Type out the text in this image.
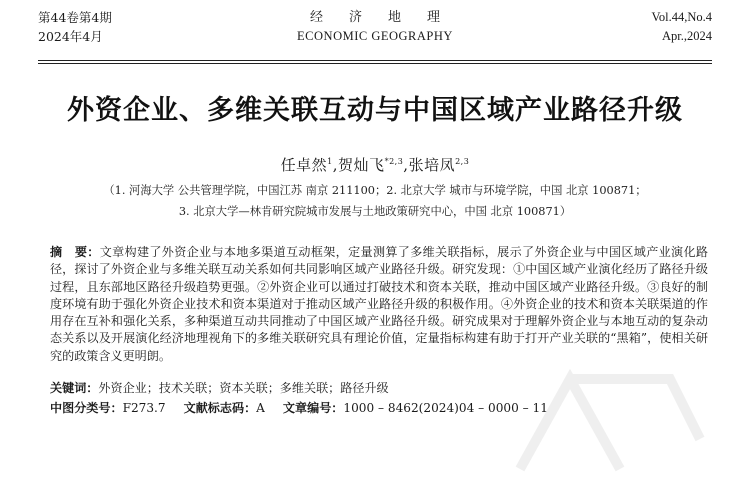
第44卷第4期
2024年4月
经济地理
ECONOMIC GEOGRAPHY
Vol.44,No.4
Apr.,2024
外资企业、多维关联互动与中国区域产业路径升级
任卓然$^1$,贺灿飞$^{*2,3}$,张培凤$^{2,3}$
（1. 河海大学 公共管理学院，中国江苏 南京 211100；2. 北京大学 城市与环境学院，中国 北京 100871；
3. 北京大学—林肯研究院城市发展与土地政策研究中心，中国 北京 100871）
摘　要：文章构建了外资企业与本地多渠道互动框架，定量测算了多维关联指标，展示了外资企业与中国区域产业演化路径，探讨了外资企业与多维关联互动关系如何共同影响区域产业路径升级。研究发现：①中国区域产业演化经历了路径升级过程，且东部地区路径升级趋势更强。②外资企业可以通过打破技术和资本关联，推动中国区域产业路径升级。③良好的制度环境有助于强化外资企业技术和资本渠道对于推动区域产业路径升级的积极作用。④外资企业的技术和资本关联渠道的作用存在互补和强化关系，多种渠道互动共同推动了中国区域产业路径升级。研究成果对于理解外资企业与本地互动的复杂动态关系以及开展演化经济地理视角下的多维关联研究具有理论价值，定量指标构建有助于打开产业关联的“黑箱”，使相关研究的政策含义更明朗。
关键词：外资企业；技术关联；资本关联；多维关联；路径升级
中图分类号：F273.7 文献标志码：A 文章编号：1000 – 8462(2024)04 – 0000 – 11
